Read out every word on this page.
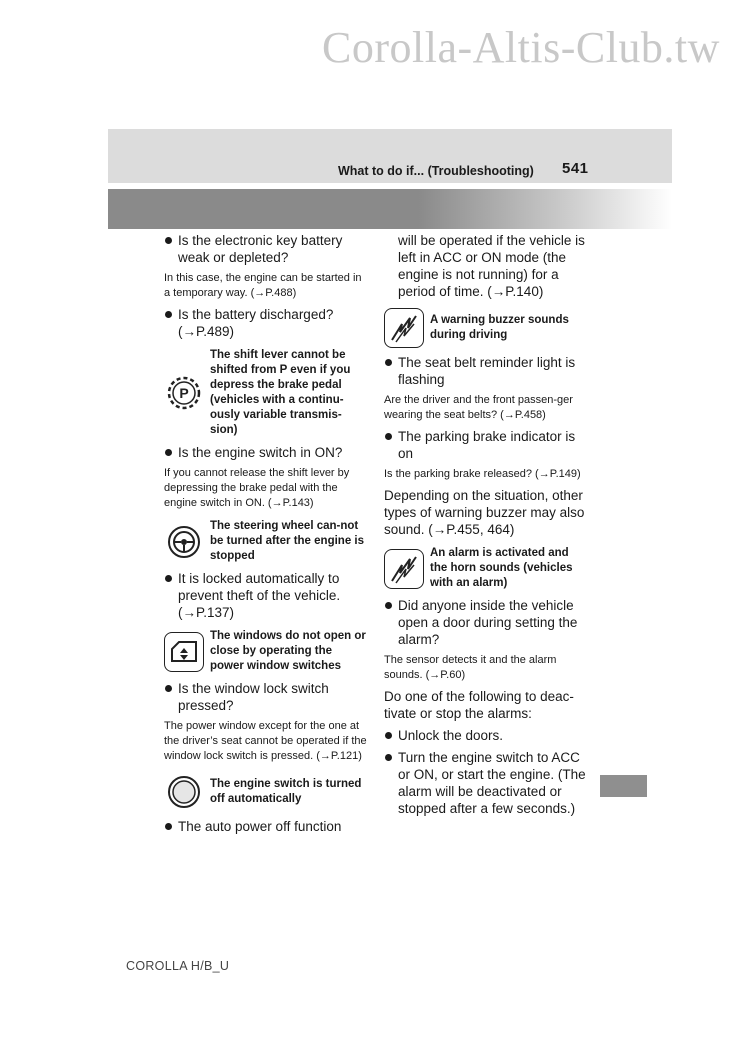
Corolla-Altis-Club.tw
What to do if... (Troubleshooting) 541
Is the electronic key battery weak or depleted?
In this case, the engine can be started in a temporary way. (→P.488)
Is the battery discharged? (→P.489)
P
The shift lever cannot be shifted from P even if you depress the brake pedal (vehicles with a continu-ously variable transmis-sion)
Is the engine switch in ON?
If you cannot release the shift lever by depressing the brake pedal with the engine switch in ON. (→P.143)
The steering wheel can-not be turned after the engine is stopped
It is locked automatically to prevent theft of the vehicle. (→P.137)
The windows do not open or close by operating the power window switches
Is the window lock switch pressed?
The power window except for the one at the driver’s seat cannot be operated if the window lock switch is pressed. (→P.121)
The engine switch is turned off automatically
The auto power off function
will be operated if the vehicle is left in ACC or ON mode (the engine is not running) for a period of time. (→P.140)
A warning buzzer sounds during driving
The seat belt reminder light is flashing
Are the driver and the front passen-ger wearing the seat belts? (→P.458)
The parking brake indicator is on
Is the parking brake released? (→P.149)
Depending on the situation, other types of warning buzzer may also sound. (→P.455, 464)
An alarm is activated and the horn sounds (vehicles with an alarm)
Did anyone inside the vehicle open a door during setting the alarm?
The sensor detects it and the alarm sounds. (→P.60)
Do one of the following to deac-tivate or stop the alarms:
Unlock the doors.
Turn the engine switch to ACC or ON, or start the engine. (The alarm will be deactivated or stopped after a few seconds.)
COROLLA H/B_U
